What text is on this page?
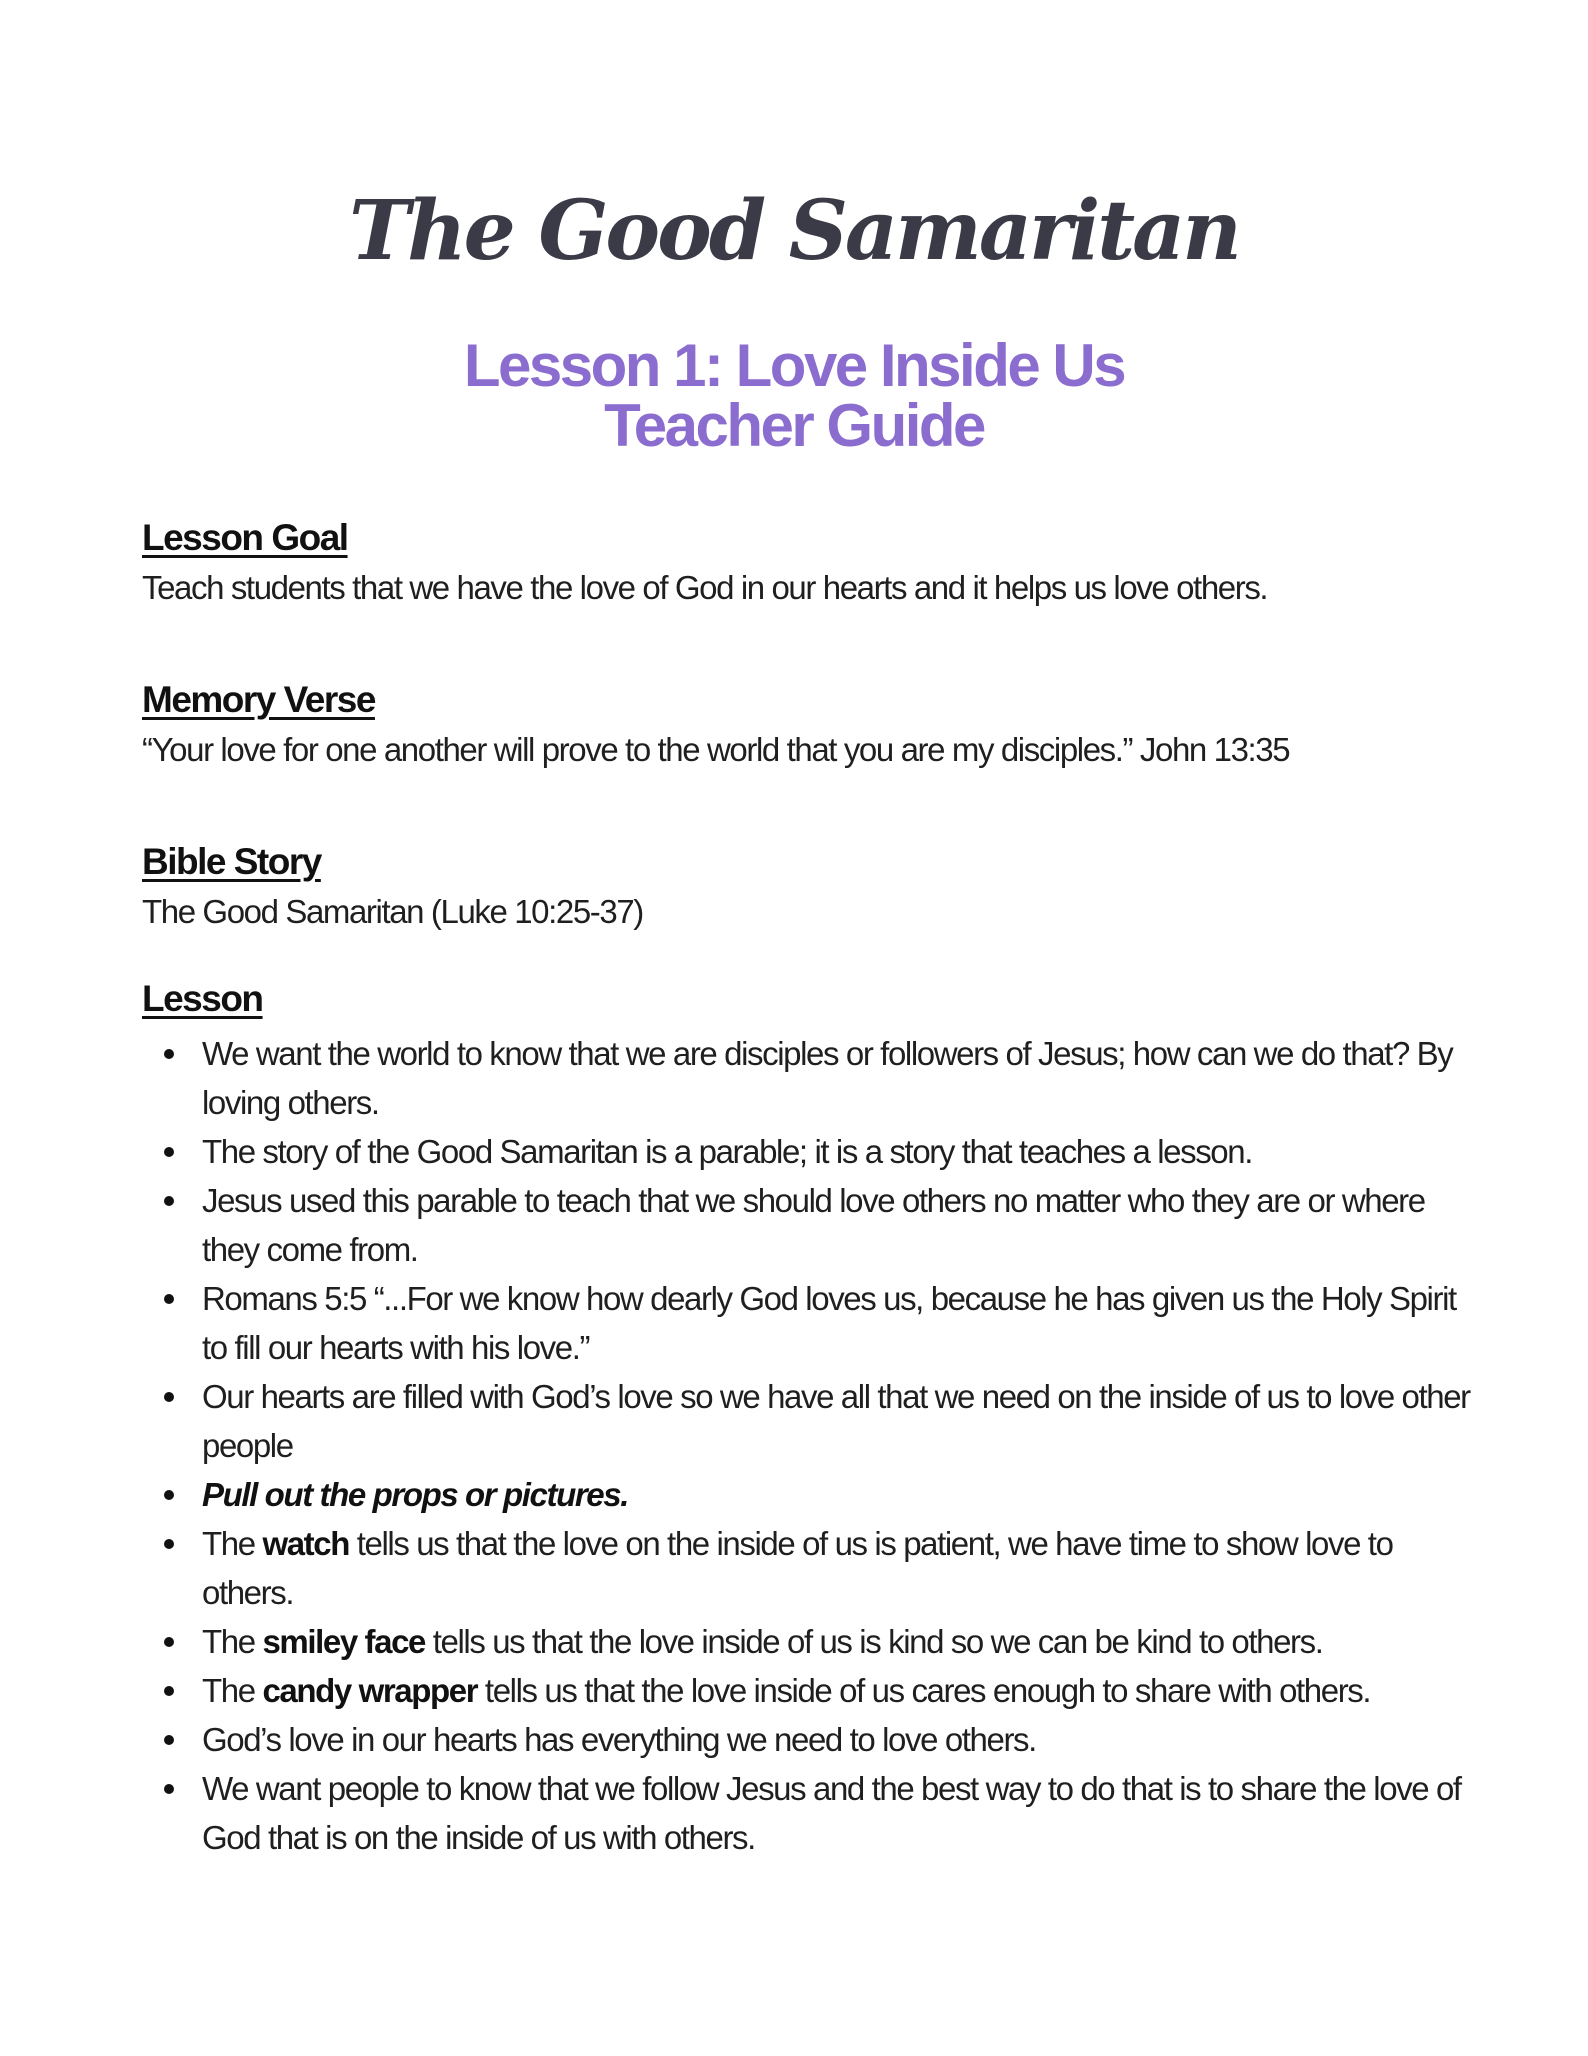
The Good Samaritan
Lesson 1: Love Inside Us
Teacher Guide
Lesson Goal

Teach students that we have the love of God in our hearts and it helps us love others.

Memory Verse

“Your love for one another will prove to the world that you are my disciples.” John 13:35

Bible Story

The Good Samaritan (Luke 10:25-37)

Lesson
We want the world to know that we are disciples or followers of Jesus; how can we do that? By loving others.
The story of the Good Samaritan is a parable; it is a story that teaches a lesson.
Jesus used this parable to teach that we should love others no matter who they are or where they come from.
Romans 5:5 “...For we know how dearly God loves us, because he has given us the Holy Spirit to fill our hearts with his love.”
Our hearts are filled with God’s love so we have all that we need on the inside of us to love other people
Pull out the props or pictures.
The watch tells us that the love on the inside of us is patient, we have time to show love to others.
The smiley face tells us that the love inside of us is kind so we can be kind to others.
The candy wrapper tells us that the love inside of us cares enough to share with others.
God’s love in our hearts has everything we need to love others.
We want people to know that we follow Jesus and the best way to do that is to share the love of God that is on the inside of us with others.
